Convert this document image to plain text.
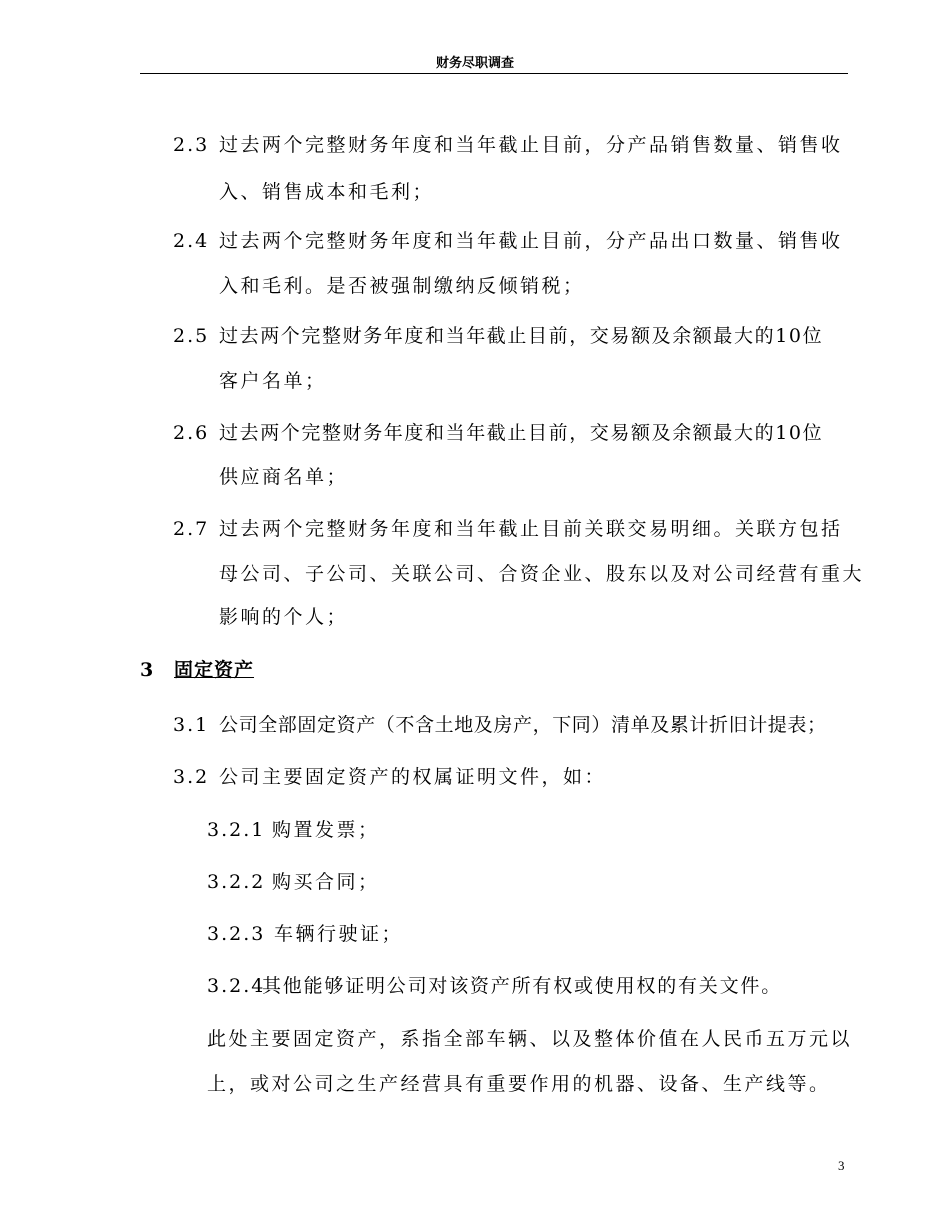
财务尽职调查
2.3 过去两个完整财务年度和当年截止目前，分产品销售数量、销售收
入、销售成本和毛利；
2.4 过去两个完整财务年度和当年截止目前，分产品出口数量、销售收
入和毛利。是否被强制缴纳反倾销税；
2.5 过去两个完整财务年度和当年截止目前，交易额及余额最大的10位
客户名单；
2.6 过去两个完整财务年度和当年截止目前，交易额及余额最大的10位
供应商名单；
2.7 过去两个完整财务年度和当年截止目前关联交易明细。关联方包括
母公司、子公司、关联公司、合资企业、股东以及对公司经营有重大
影响的个人；
3 固定资产
3.1 公司全部固定资产（不含土地及房产，下同）清单及累计折旧计提表；
3.2 公司主要固定资产的权属证明文件，如：
3.2.1 购置发票；
3.2.2 购买合同；
3.2.3 车辆行驶证；
3.2.4
其他能够证明公司对该资产所有权或使用权的有关文件。
此处主要固定资产，系指全部车辆、以及整体价值在人民币五万元以
上，或对公司之生产经营具有重要作用的机器、设备、生产线等。
3
